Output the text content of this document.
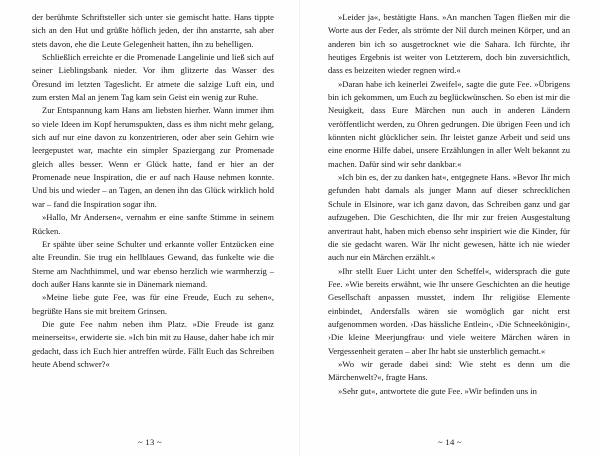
der berühmte Schriftsteller sich unter sie gemischt hatte. Hans tippte sich an den Hut und grüßte höflich jeden, der ihn anstarrte, sah aber stets davon, ehe die Leute Gelegenheit hatten, ihn zu behelligen.

Schließlich erreichte er die Promenade Langelinie und ließ sich auf seiner Lieblingsbank nieder. Vor ihm glitzerte das Wasser des Öresund im letzten Tageslicht. Er atmete die salzige Luft ein, und zum ersten Mal an jenem Tag kam sein Geist ein wenig zur Ruhe.

Zur Entspannung kam Hans am liebsten hierher. Wann immer ihm so viele Ideen im Kopf herumspukten, dass es ihm nicht mehr gelang, sich auf nur eine davon zu konzentrieren, oder aber sein Gehirn wie leergepustet war, machte ein simpler Spaziergang zur Promenade gleich alles besser. Wenn er Glück hatte, fand er hier an der Promenade neue Inspiration, die er auf nach Hause nehmen konnte. Und bis und wieder – an Tagen, an denen ihn das Glück wirklich hold war – fand die Inspiration sogar ihn.

»Hallo, Mr Andersen«, vernahm er eine sanfte Stimme in seinem Rücken.

Er spähte über seine Schulter und erkannte voller Entzücken eine alte Freundin. Sie trug ein hellblaues Gewand, das funkelte wie die Sterne am Nachthimmel, und war ebenso herzlich wie warmherzig – doch außer Hans kannte sie in Dänemark niemand.

»Meine liebe gute Fee, was für eine Freude, Euch zu sehen«, begrüßte Hans sie mit breitem Grinsen.

Die gute Fee nahm neben ihm Platz. »Die Freude ist ganz meinerseits«, erwiderte sie. »Ich bin mit zu Hause, daher habe ich mir gedacht, dass ich Euch hier antreffen würde. Fällt Euch das Schreiben heute Abend schwer?«

~ 13 ~

»Leider ja«, bestätigte Hans. »An manchen Tagen fließen mir die Worte aus der Feder, als strömte der Nil durch meinen Körper, und an anderen bin ich so ausgetrocknet wie die Sahara. Ich fürchte, ihr heutiges Ergebnis ist weiter von Letzterem, doch bin zuversichtlich, dass es beizeiten wieder regnen wird.«

»Daran habe ich keinerlei Zweifel«, sagte die gute Fee. »Übrigens bin ich gekommen, um Euch zu beglückwünschen. So eben ist mir die Neuigkeit, dass Eure Märchen nun auch in anderen Ländern veröffentlicht werden, zu Ohren gedrungen. Die übrigen Feen und ich könnten nicht glücklicher sein. Ihr leistet ganze Arbeit und seid uns eine enorme Hilfe dabei, unsere Erzählungen in aller Welt bekannt zu machen. Dafür sind wir sehr dankbar.«

»Ich bin es, der zu danken hat«, entgegnete Hans. »Bevor Ihr mich gefunden habt damals als junger Mann auf dieser schrecklichen Schule in Elsinore, war ich ganz davon, das Schreiben ganz und gar aufzugeben. Die Geschichten, die Ihr mir zur freien Ausgestaltung anvertraut habt, haben mich ebenso sehr inspiriert wie die Kinder, für die sie gedacht waren. Wär Ihr nicht gewesen, hätte ich nie wieder auch nur ein Märchen erzählt.«

»Ihr stellt Euer Licht unter den Scheffel«, widersprach die gute Fee. »Wie bereits erwähnt, wie Ihr unsere Geschichten an die heutige Gesellschaft anpassen musstet, indem Ihr religiöse Elemente einbindet, Andersfalls wären sie womöglich gar nicht erst aufgenommen worden. ›Das hässliche Entlein‹, ›Die Schneekönigin‹, ›Die kleine Meerjungfrau‹ und viele weitere Märchen wären in Vergessenheit geraten – aber Ihr habt sie unsterblich gemacht.«

»Wo wir gerade dabei sind: Wie steht es denn um die Märchenwelt?«, fragte Hans.

»Sehr gut«, antwortete die gute Fee. »Wir befinden uns in

~ 14 ~
